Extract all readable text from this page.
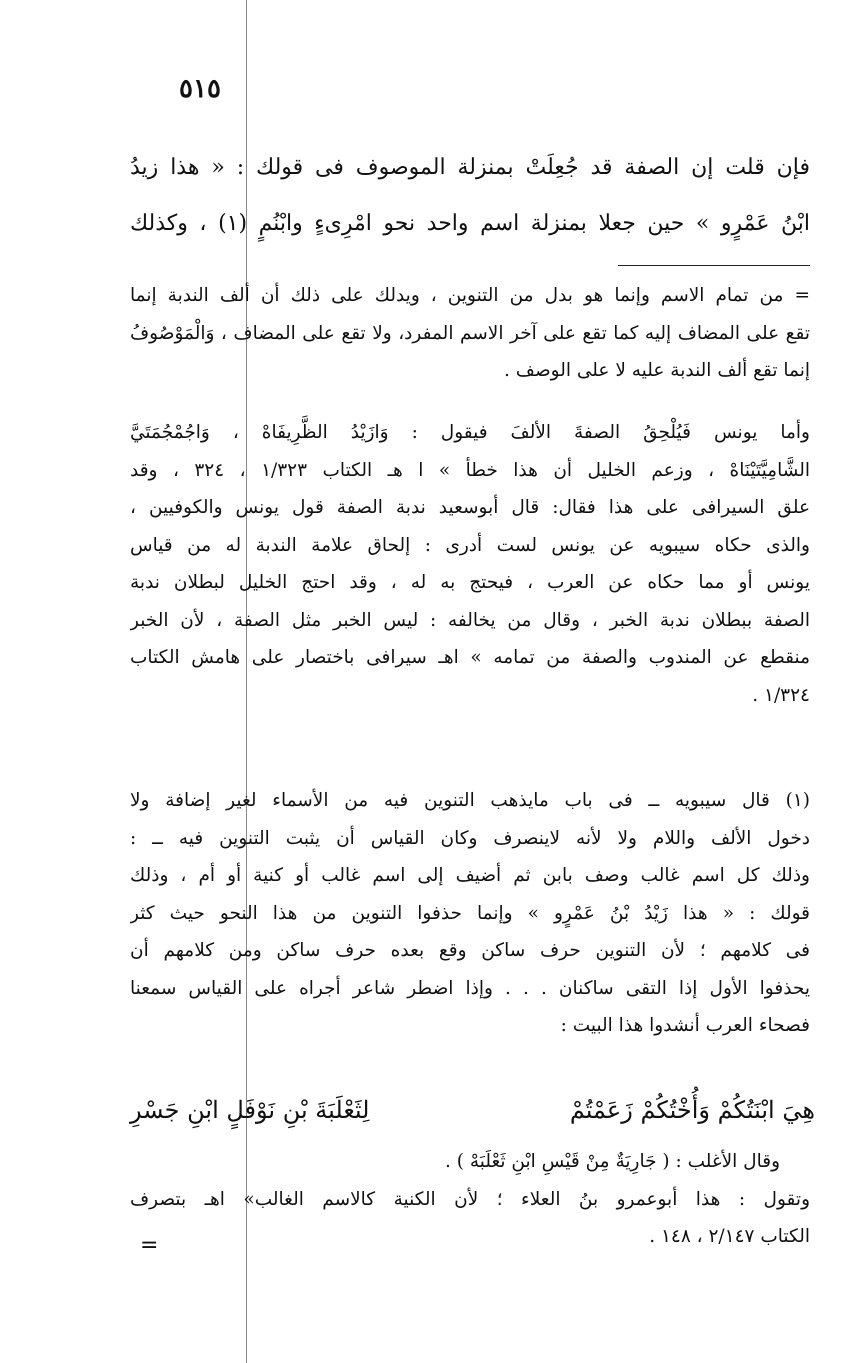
٥١٥
فإن قلت إن الصفة قد جُعِلَتْ بمنزلة الموصوف فى قولك : « هذا زيدُ
ابْنُ عَمْرٍو » حين جعلا بمنزلة اسم واحد نحو امْرِىءٍ وابْنُمٍ (١) ، وكذلك
= من تمام الاسم وإنما هو بدل من التنوين ، ويدلك على ذلك أن ألف الندبة إنما
تقع على المضاف إليه كما تقع على آخر الاسم المفرد، ولا تقع على المضاف ، وَالْمَوْصُوفُ
إنما تقع ألف الندبة عليه لا على الوصف .
وأما يونس فَيُلْحِقُ الصفةَ الألفَ فيقول : وَازَيْدُ الظَّرِيفَاهْ ، وَاجُمْجُمَتَيَّ
الشَّامِيَّتَيْنَاهْ ، وزعم الخليل أن هذا خطأ » ا هـ الكتاب ١/٣٢٣ ، ٣٢٤ ، وقد
علق السيرافى على هذا فقال: قال أبوسعيد ندبة الصفة قول يونس والكوفيين ،
والذى حكاه سيبويه عن يونس لست أدرى : إلحاق علامة الندبة له من قياس
يونس أو مما حكاه عن العرب ، فيحتج به له ، وقد احتج الخليل لبطلان ندبة
الصفة ببطلان ندبة الخبر ، وقال من يخالفه : ليس الخبر مثل الصفة ، لأن الخبر
منقطع عن المندوب والصفة من تمامه » اهـ سيرافى باختصار على هامش الكتاب
١/٣٢٤ .
(١) قال سيبويه ــ فى باب مايذهب التنوين فيه من الأسماء لغير إضافة ولا
دخول الألف واللام ولا لأنه لاينصرف وكان القياس أن يثبت التنوين فيه ــ :
وذلك كل اسم غالب وصف بابن ثم أضيف إلى اسم غالب أو كنية أو أم ، وذلك
قولك : « هذا زَيْدُ بْنُ عَمْرٍو » وإنما حذفوا التنوين من هذا النحو حيث كثر
فى كلامهم ؛ لأن التنوين حرف ساكن وقع بعده حرف ساكن ومن كلامهم أن
يحذفوا الأول إذا التقى ساكنان . . . وإذا اضطر شاعر أجراه على القياس سمعنا
فصحاء العرب أنشدوا هذا البيت :
هِيَ ابْنَتُكُمْ وَأُخْتُكُمْ زَعَمْتُمْ
لِثَعْلَبَةَ بْنِ نَوْفَلٍ ابْنِ جَسْرِ
وقال الأغلب : ( جَارِيَةٌ مِنْ قَيْسِ ابْنِ ثَعْلَبَهْ ) .
وتقول : هذا أبوعمرو بنُ العلاء ؛ لأن الكنية كالاسم الغالب» اهـ بتصرف
الكتاب ٢/١٤٧ ، ١٤٨ .
=
